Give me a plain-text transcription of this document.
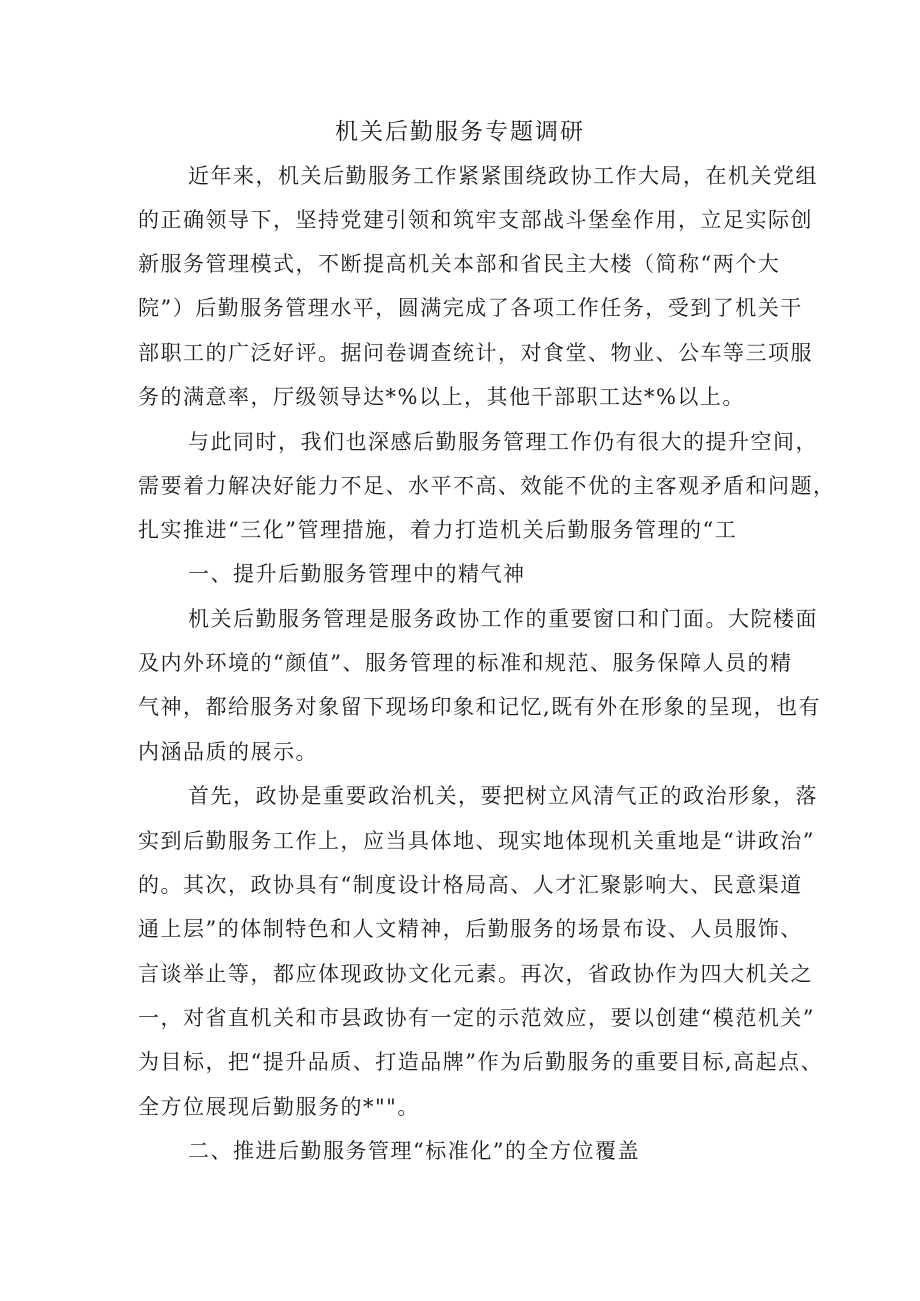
机关后勤服务专题调研
近年来，机关后勤服务工作紧紧围绕政协工作大局，在机关党组
的正确领导下，坚持党建引领和筑牢支部战斗堡垒作用，立足实际创
新服务管理模式，不断提高机关本部和省民主大楼（简称“两个大
院”）后勤服务管理水平，圆满完成了各项工作任务，受到了机关干
部职工的广泛好评。据问卷调查统计，对食堂、物业、公车等三项服
务的满意率，厅级领导达*%以上，其他干部职工达*%以上。
与此同时，我们也深感后勤服务管理工作仍有很大的提升空间，
需要着力解决好能力不足、水平不高、效能不优的主客观矛盾和问题，
扎实推进“三化”管理措施，着力打造机关后勤服务管理的“工
一、提升后勤服务管理中的精气神
机关后勤服务管理是服务政协工作的重要窗口和门面。大院楼面
及内外环境的“颜值”、服务管理的标准和规范、服务保障人员的精
气神，都给服务对象留下现场印象和记忆,既有外在形象的呈现，也有
内涵品质的展示。
首先，政协是重要政治机关，要把树立风清气正的政治形象，落
实到后勤服务工作上，应当具体地、现实地体现机关重地是“讲政治”
的。其次，政协具有“制度设计格局高、人才汇聚影响大、民意渠道
通上层”的体制特色和人文精神，后勤服务的场景布设、人员服饰、
言谈举止等，都应体现政协文化元素。再次，省政协作为四大机关之
一，对省直机关和市县政协有一定的示范效应，要以创建“模范机关”
为目标，把“提升品质、打造品牌”作为后勤服务的重要目标,高起点、
全方位展现后勤服务的*""。
二、推进后勤服务管理“标准化”的全方位覆盖
